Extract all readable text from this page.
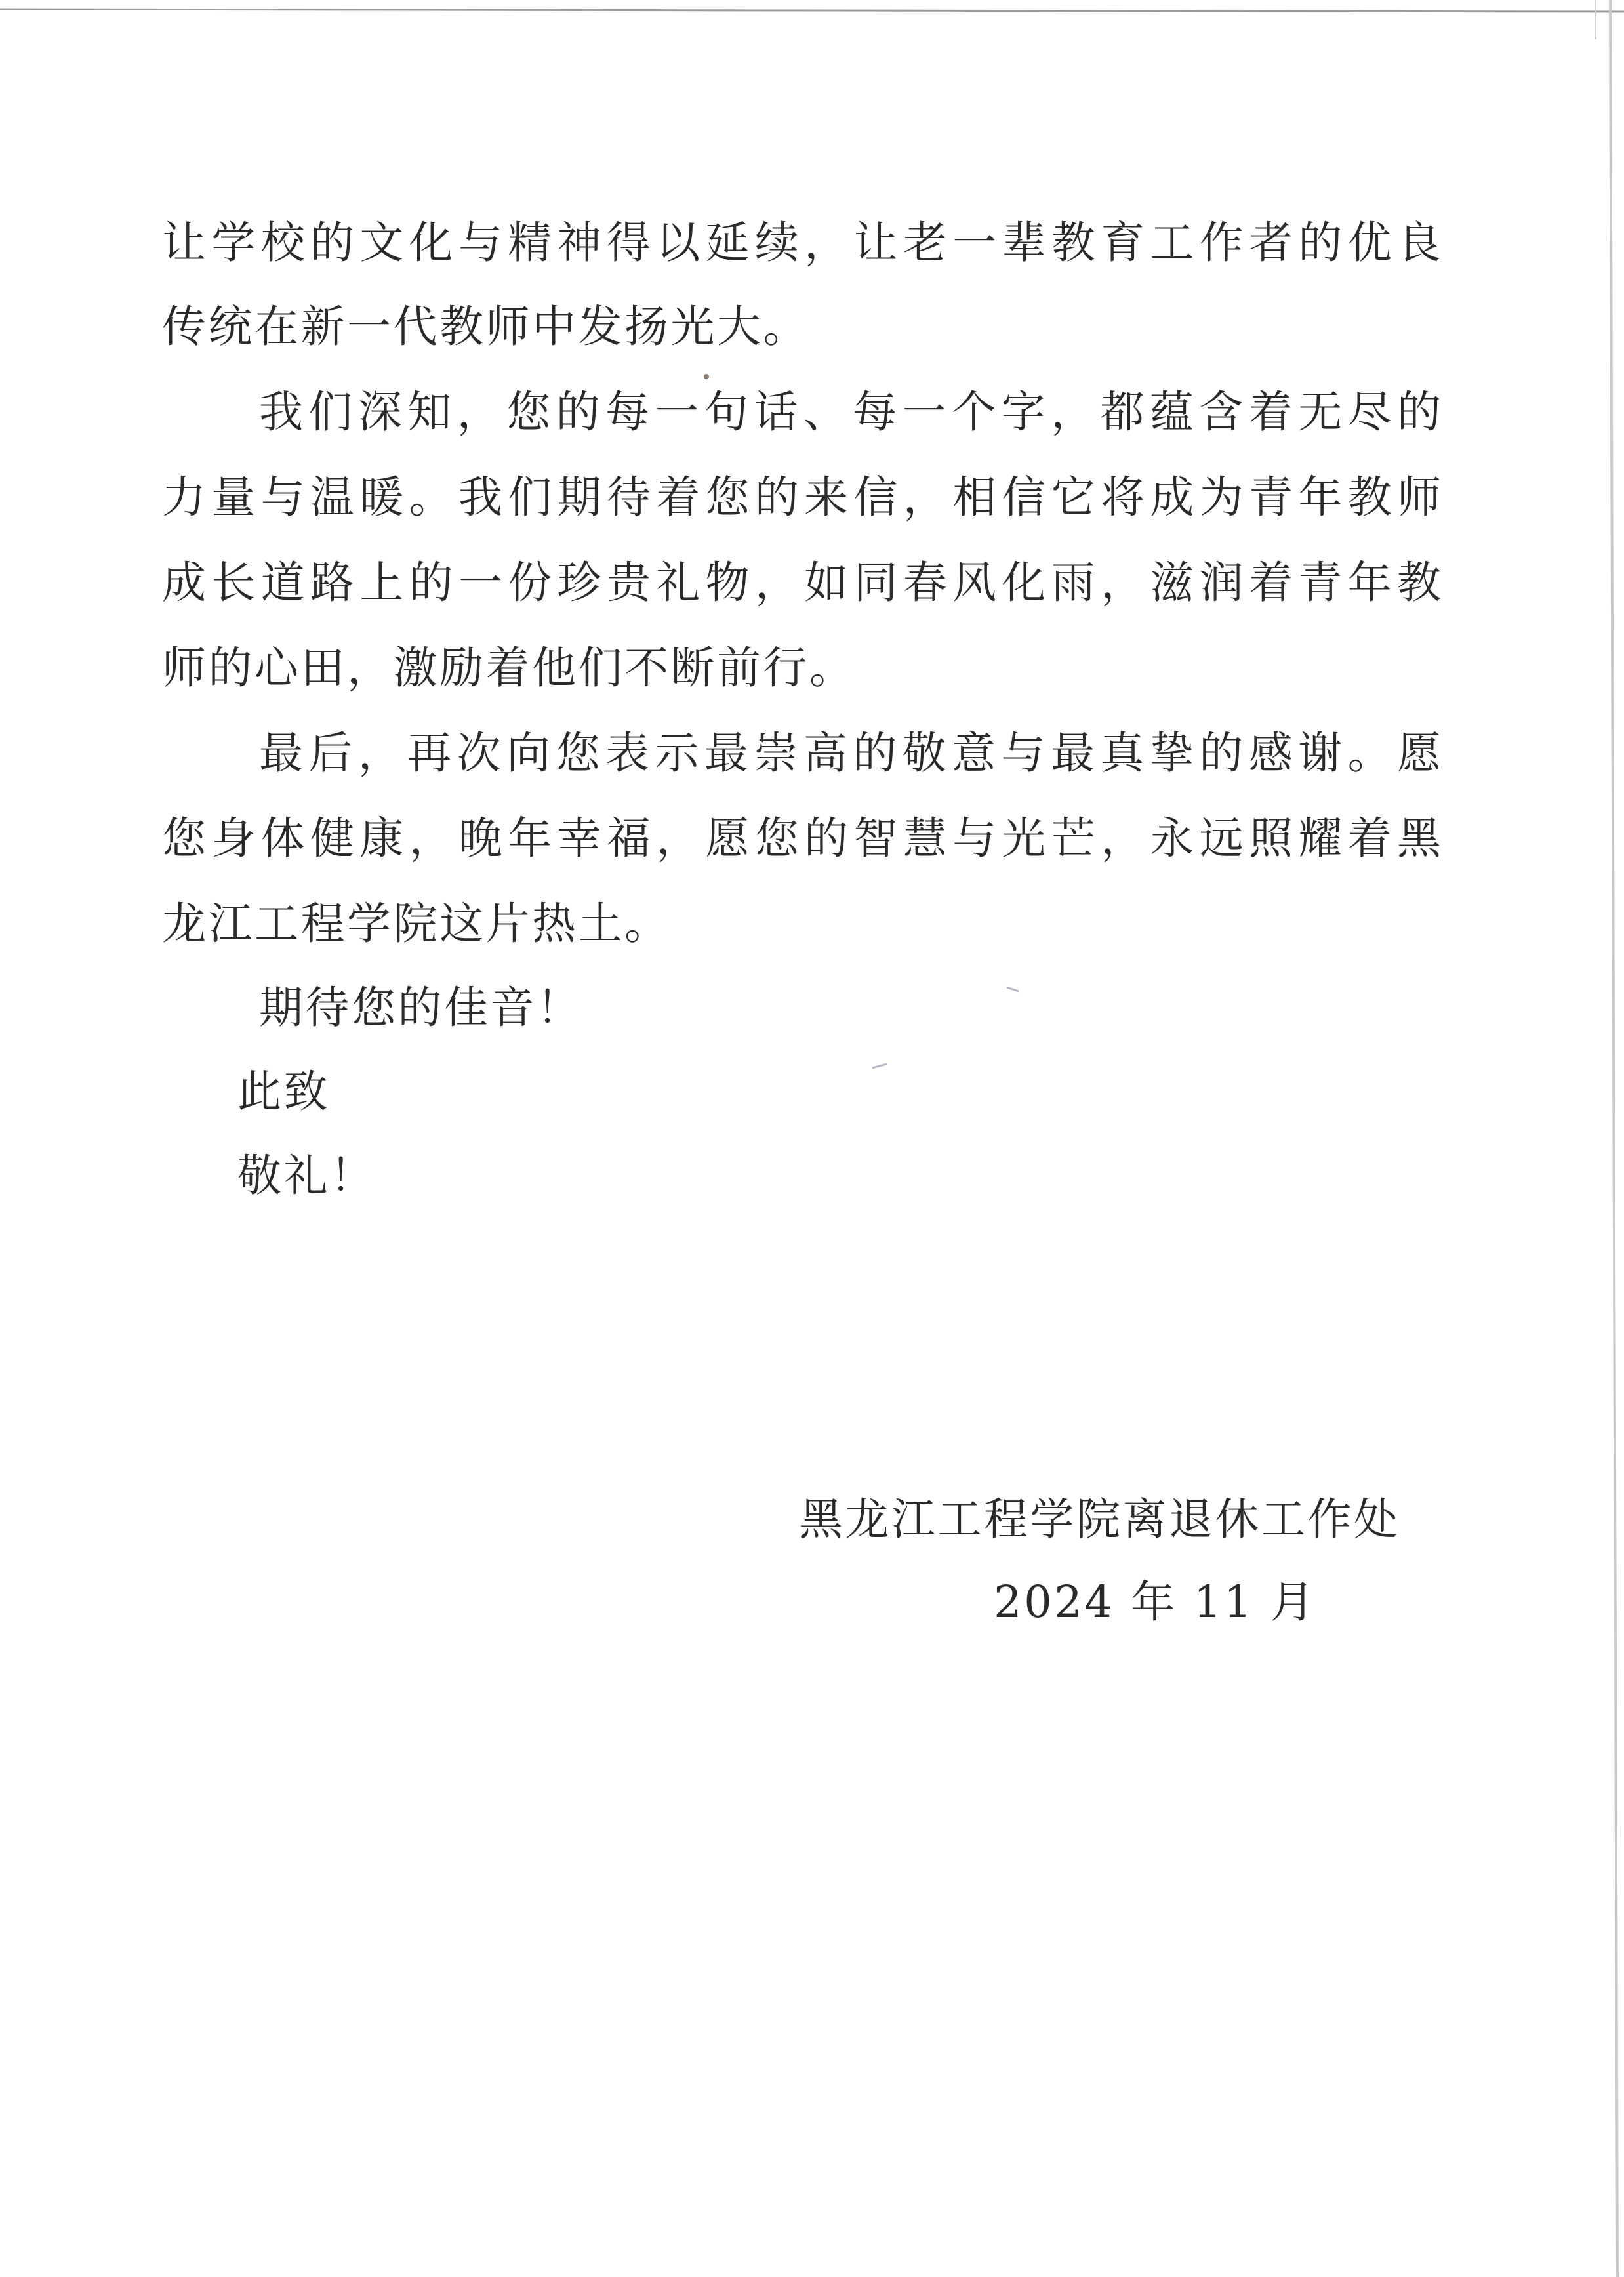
让学校的文化与精神得以延续，让老一辈教育工作者的优良
传统在新一代教师中发扬光大。
我们深知，您的每一句话、每一个字，都蕴含着无尽的
力量与温暖。我们期待着您的来信，相信它将成为青年教师
成长道路上的一份珍贵礼物，如同春风化雨，滋润着青年教
师的心田，激励着他们不断前行。
最后，再次向您表示最崇高的敬意与最真挚的感谢。愿
您身体健康，晚年幸福，愿您的智慧与光芒，永远照耀着黑
龙江工程学院这片热土。
期待您的佳音！
此致
敬礼！
黑龙江工程学院离退休工作处
2024 年 11 月
